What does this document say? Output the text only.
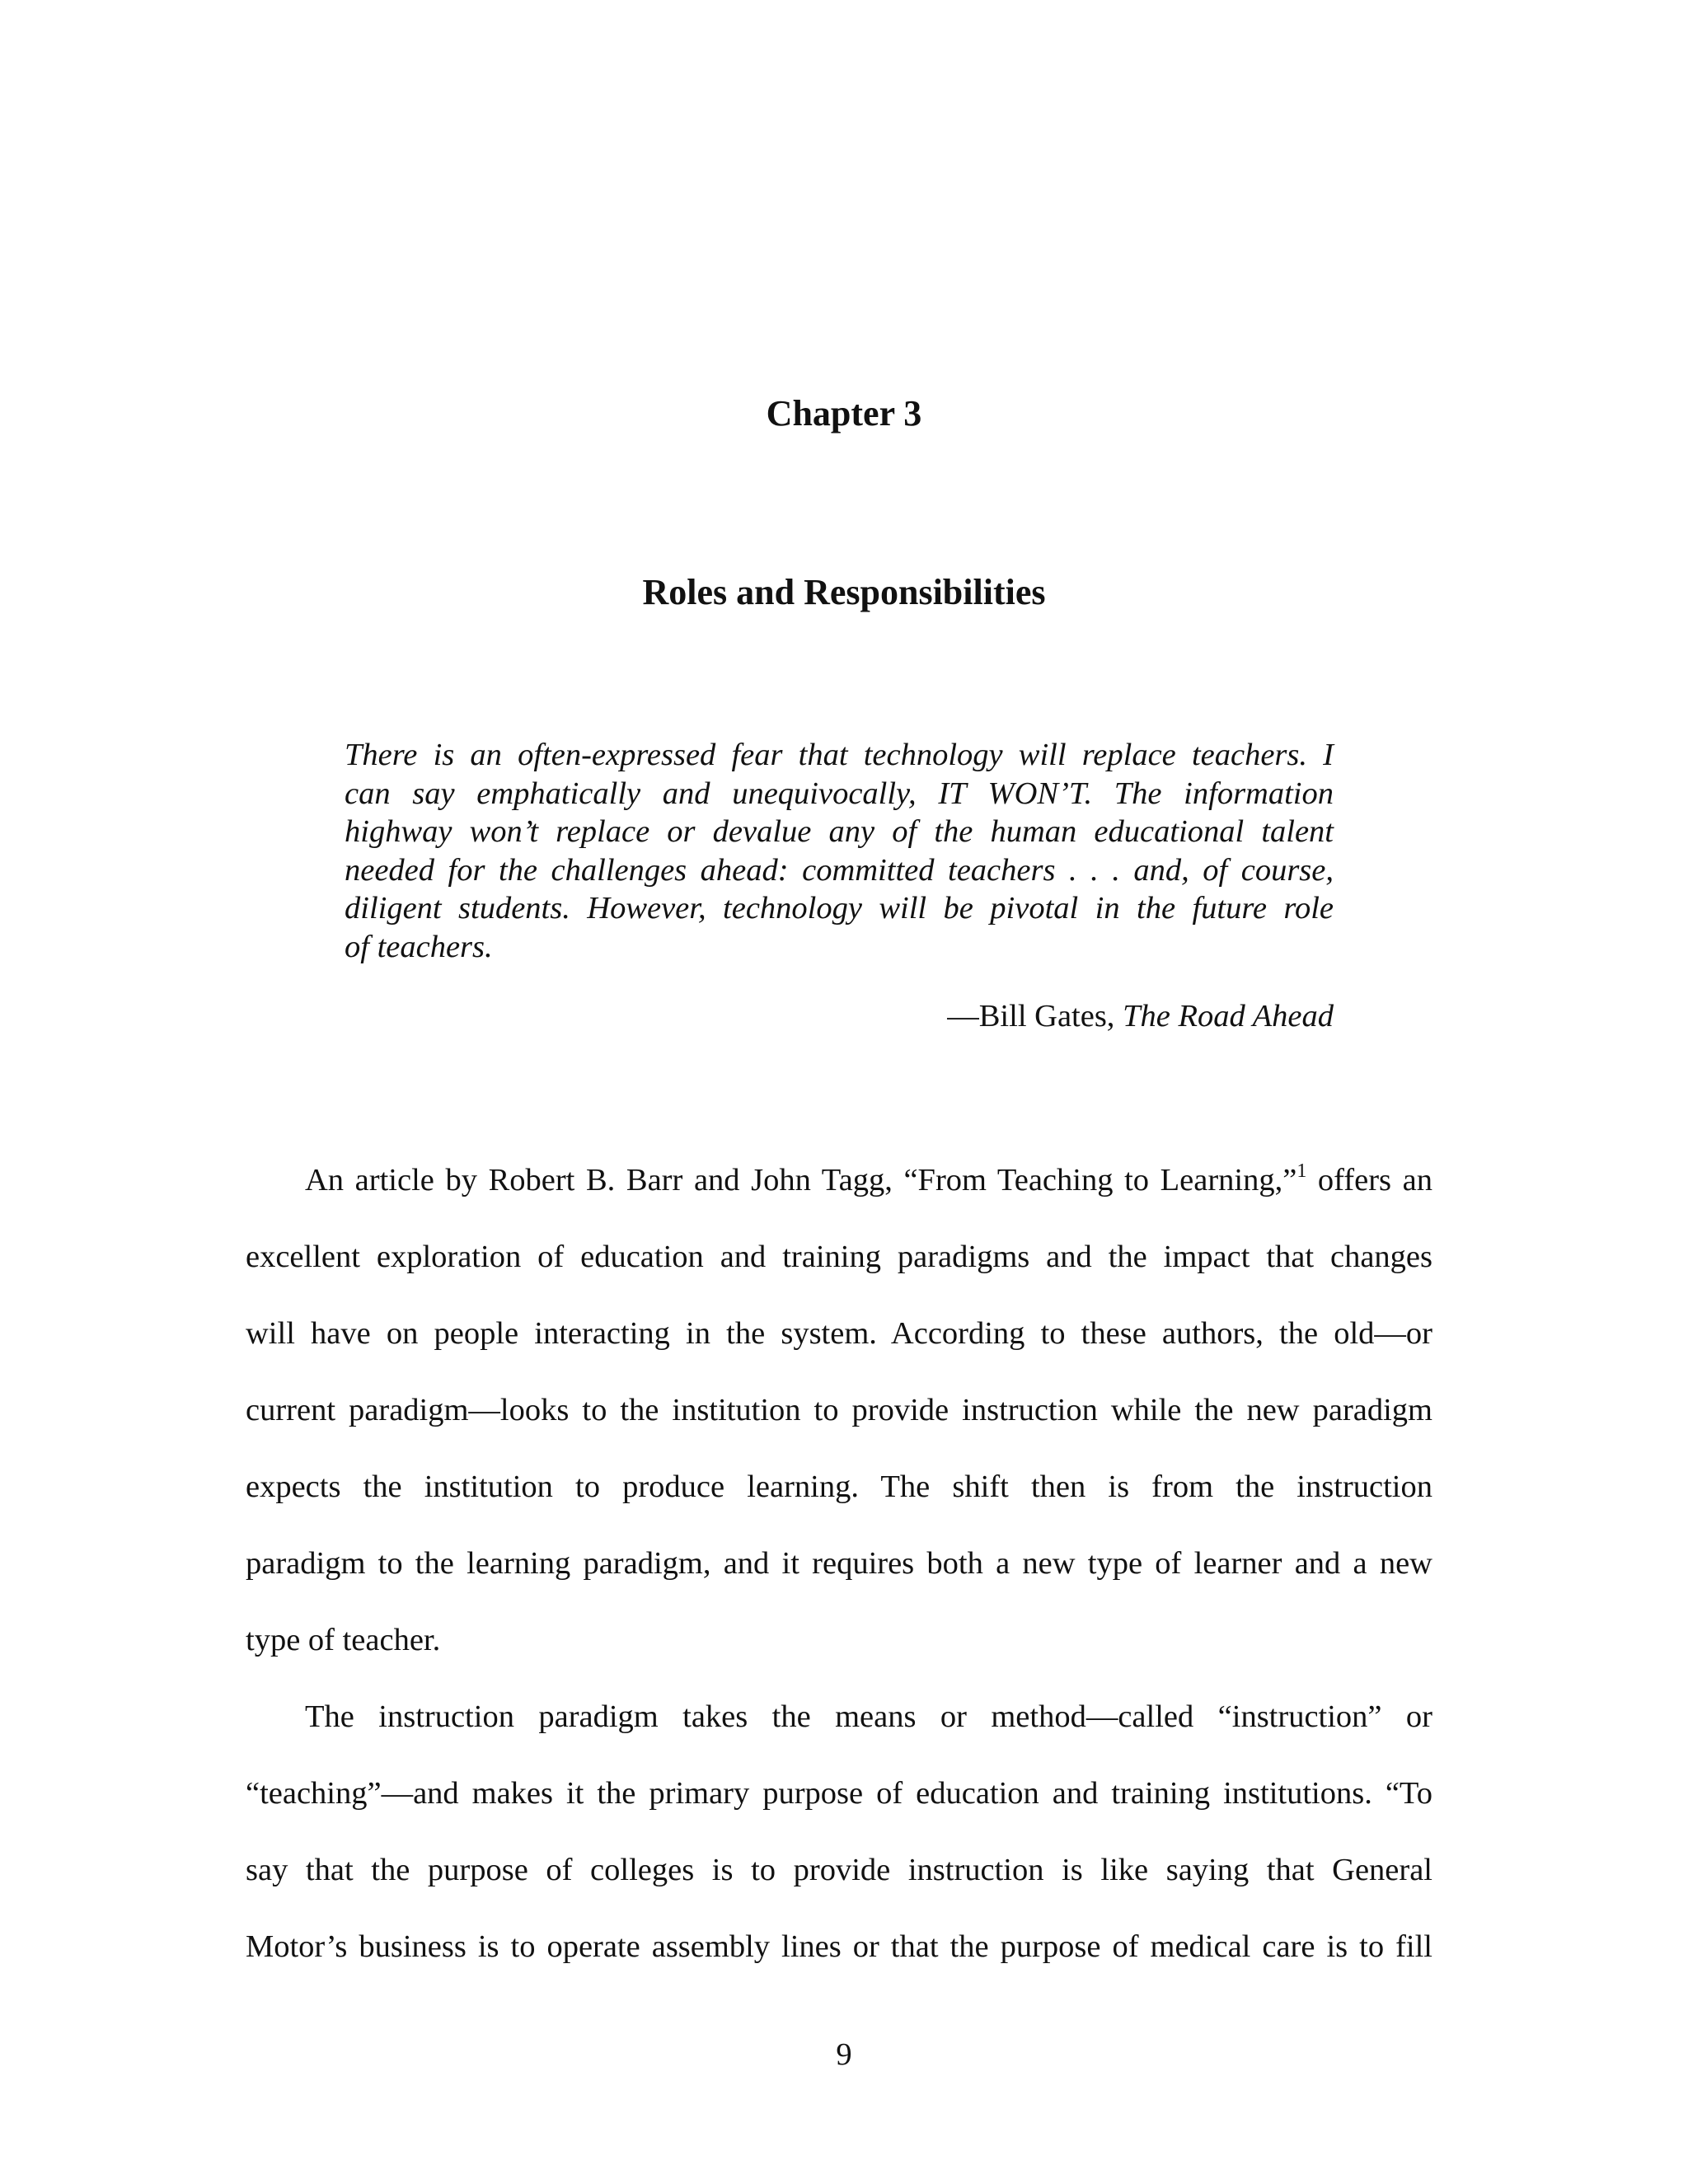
Chapter 3
Roles and Responsibilities
There is an often-expressed fear that technology will replace teachers. I
can say emphatically and unequivocally, IT WON’T. The information
highway won’t replace or devalue any of the human educational talent
needed for the challenges ahead: committed teachers . . . and, of course,
diligent students. However, technology will be pivotal in the future role
of teachers.
—Bill Gates, The Road Ahead
An article by Robert B. Barr and John Tagg, “From Teaching to Learning,”$^1$ offers an
excellent exploration of education and training paradigms and the impact that changes
will have on people interacting in the system. According to these authors, the old—or
current paradigm—looks to the institution to provide instruction while the new paradigm
expects the institution to produce learning. The shift then is from the instruction
paradigm to the learning paradigm, and it requires both a new type of learner and a new
type of teacher.
The instruction paradigm takes the means or method—called “instruction” or
“teaching”—and makes it the primary purpose of education and training institutions. “To
say that the purpose of colleges is to provide instruction is like saying that General
Motor’s business is to operate assembly lines or that the purpose of medical care is to fill
9
